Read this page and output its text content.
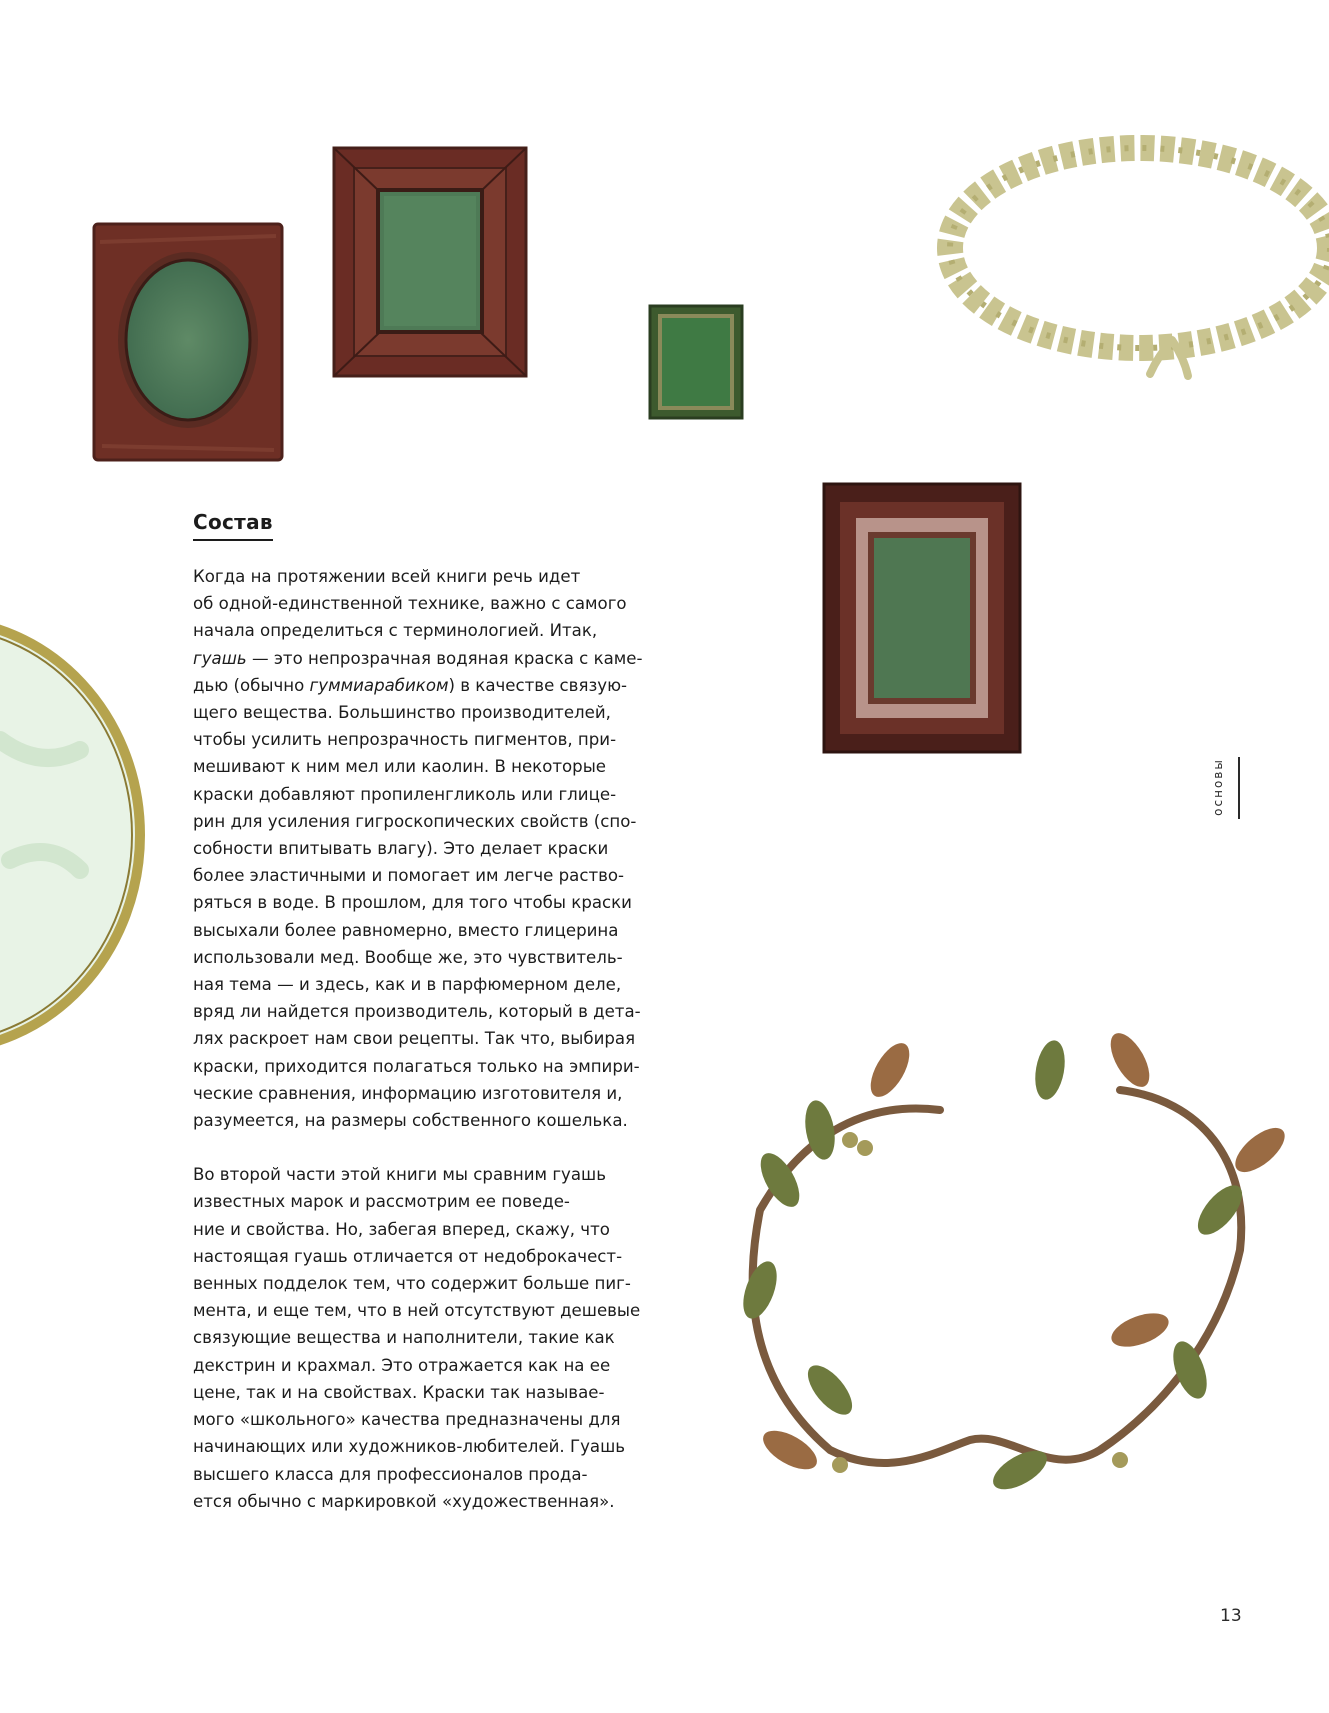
Состав

Когда на протяжении всей книги речь идет
об одной-единственной технике, важно с самого
начала определиться с терминологией. Итак,
гуашь — это непрозрачная водяная краска с каме-
дью (обычно гуммиарабиком) в качестве связую-
щего вещества. Большинство производителей,
чтобы усилить непрозрачность пигментов, при-
мешивают к ним мел или каолин. В некоторые
краски добавляют пропиленгликоль или глице-
рин для усиления гигроскопических свойств (спо-
собности впитывать влагу). Это делает краски
более эластичными и помогает им легче раство-
ряться в воде. В прошлом, для того чтобы краски
высыхали более равномерно, вместо глицерина
использовали мед. Вообще же, это чувствитель-
ная тема — и здесь, как и в парфюмерном деле,
вряд ли найдется производитель, который в дета-
лях раскроет нам свои рецепты. Так что, выбирая
краски, приходится полагаться только на эмпири-
ческие сравнения, информацию изготовителя и,
разумеется, на размеры собственного кошелька.

Во второй части этой книги мы сравним гуашь
известных марок и рассмотрим ее поведе-
ние и свойства. Но, забегая вперед, скажу, что
настоящая гуашь отличается от недоброкачест-
венных подделок тем, что содержит больше пиг-
мента, и еще тем, что в ней отсутствуют дешевые
связующие вещества и наполнители, такие как
декстрин и крахмал. Это отражается как на ее
цене, так и на свойствах. Краски так называе-
мого «школьного» качества предназначены для
начинающих или художников-любителей. Гуашь
высшего класса для профессионалов прода-
ется обычно с маркировкой «художественная».

основы
13
